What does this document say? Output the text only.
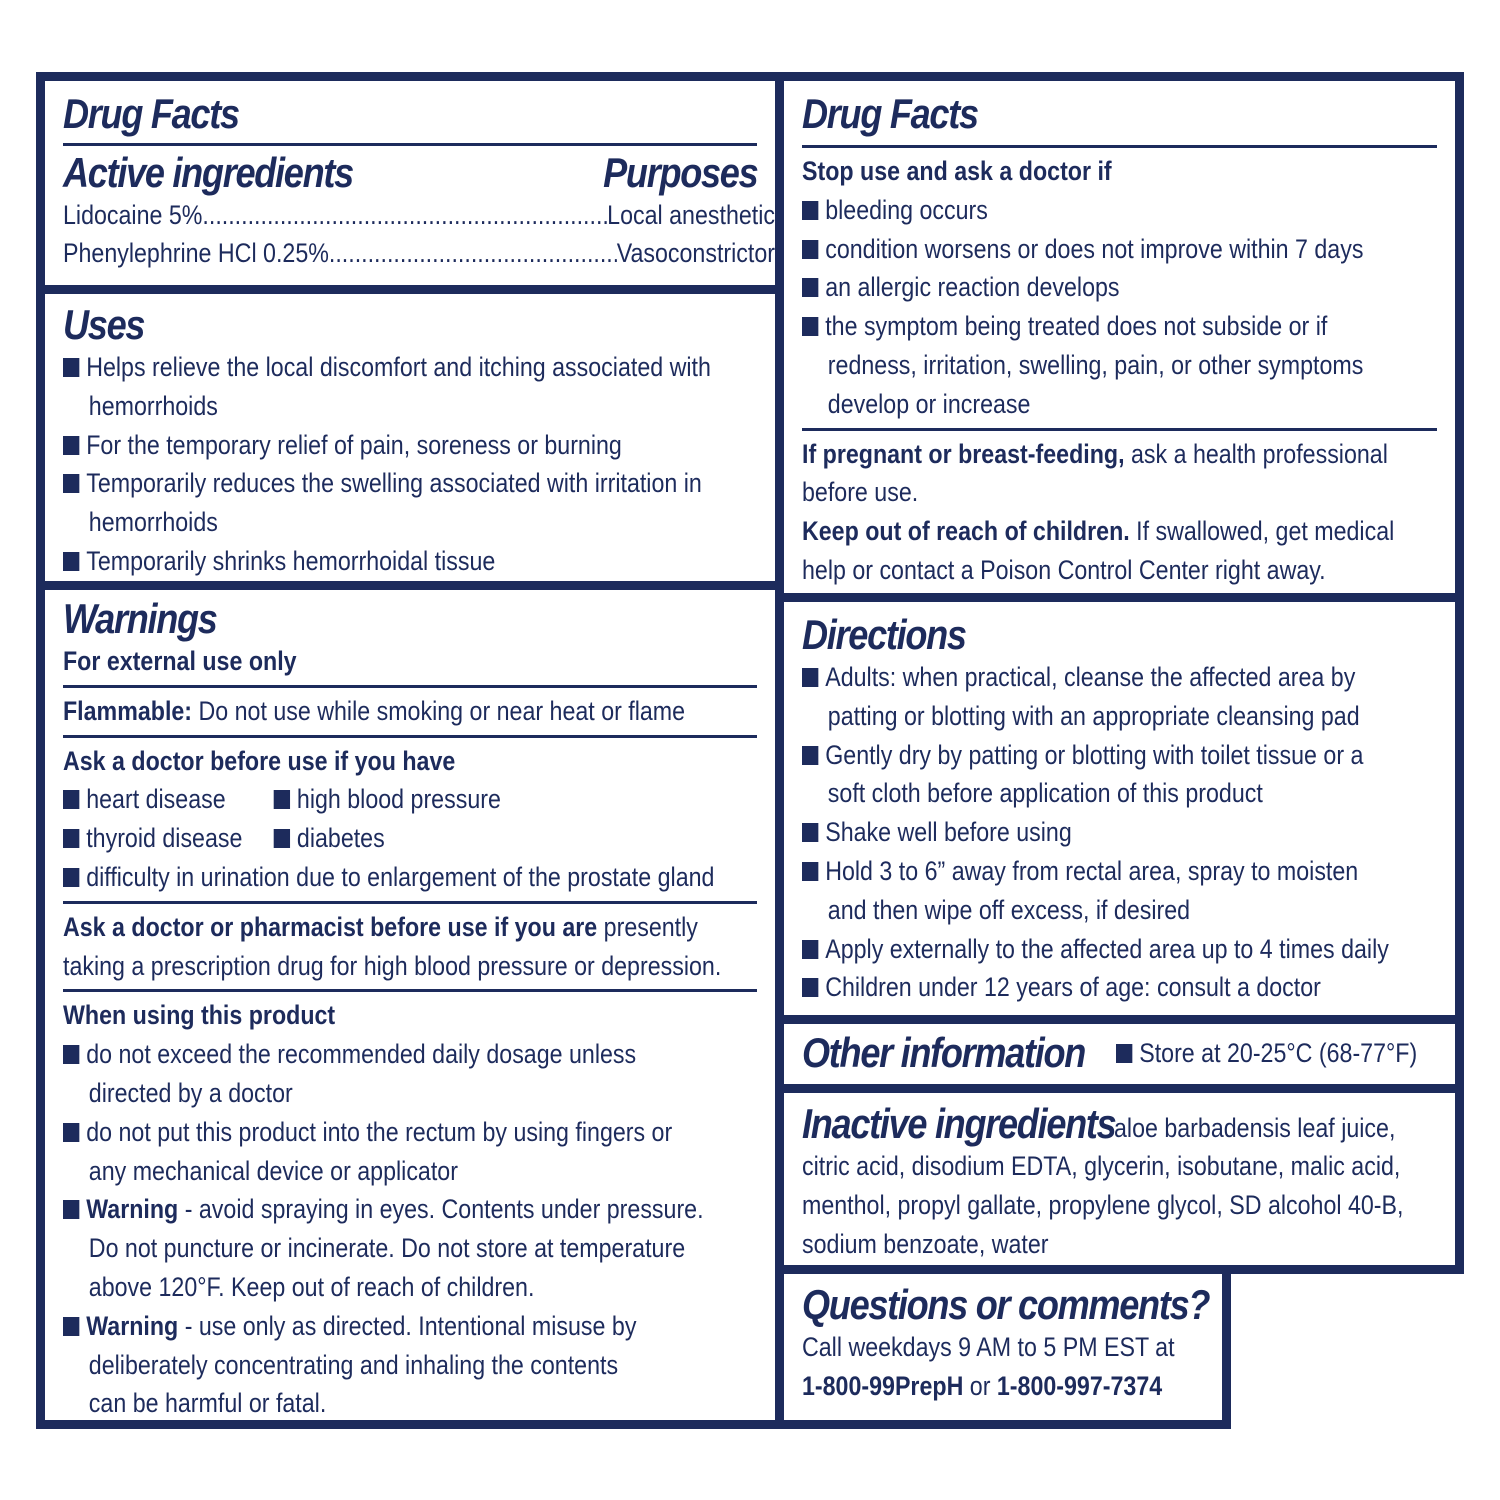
Drug Facts
Active ingredients	Purposes
Lidocaine 5% .....	Local anesthetic
Phenylephrine HCl 0.25% .....	Vasoconstrictor
Uses
Helps relieve the local discomfort and itching associated with
hemorrhoids
For the temporary relief of pain, soreness or burning
Temporarily reduces the swelling associated with irritation in
hemorrhoids
Temporarily shrinks hemorrhoidal tissue
Warnings
For external use only
Flammable: Do not use while smoking or near heat or flame
Ask a doctor before use if you have
heart disease	high blood pressure
thyroid disease diabetes
difficulty in urination due to enlargement of the prostate gland
Ask a doctor or pharmacist before use if you are presently
taking a prescription drug for high blood pressure or depression.
When using this product
do not exceed the recommended daily dosage unless
directed by a doctor
do not put this product into the rectum by using fingers or
any mechanical device or applicator
Warning - avoid spraying in eyes. Contents under pressure.
Do not puncture or incinerate. Do not store at temperature
above 120°F. Keep out of reach of children.
Warning - use only as directed. Intentional misuse by
deliberately concentrating and inhaling the contents
can be harmful or fatal.
Drug Facts
Stop use and ask a doctor if
bleeding occurs
condition worsens or does not improve within 7 days
an allergic reaction develops
the symptom being treated does not subside or if
redness, irritation, swelling, pain, or other symptoms
develop or increase
If pregnant or breast-feeding, ask a health professional
before use.
Keep out of reach of children. If swallowed, get medical
help or contact a Poison Control Center right away.
Directions
Adults: when practical, cleanse the affected area by
patting or blotting with an appropriate cleansing pad
Gently dry by patting or blotting with toilet tissue or a
soft cloth before application of this product
Shake well before using
Hold 3 to 6” away from rectal area, spray to moisten
and then wipe off excess, if desired
Apply externally to the affected area up to 4 times daily
Children under 12 years of age: consult a doctor
Other information	Store at 20-25°C (68-77°F)
Inactive ingredients
aloe barbadensis leaf juice,
citric acid, disodium EDTA, glycerin, isobutane, malic acid,
menthol, propyl gallate, propylene glycol, SD alcohol 40-B,
sodium benzoate, water
Questions or comments?
Call weekdays 9 AM to 5 PM EST at
1-800-99PrepH or 1-800-997-7374
